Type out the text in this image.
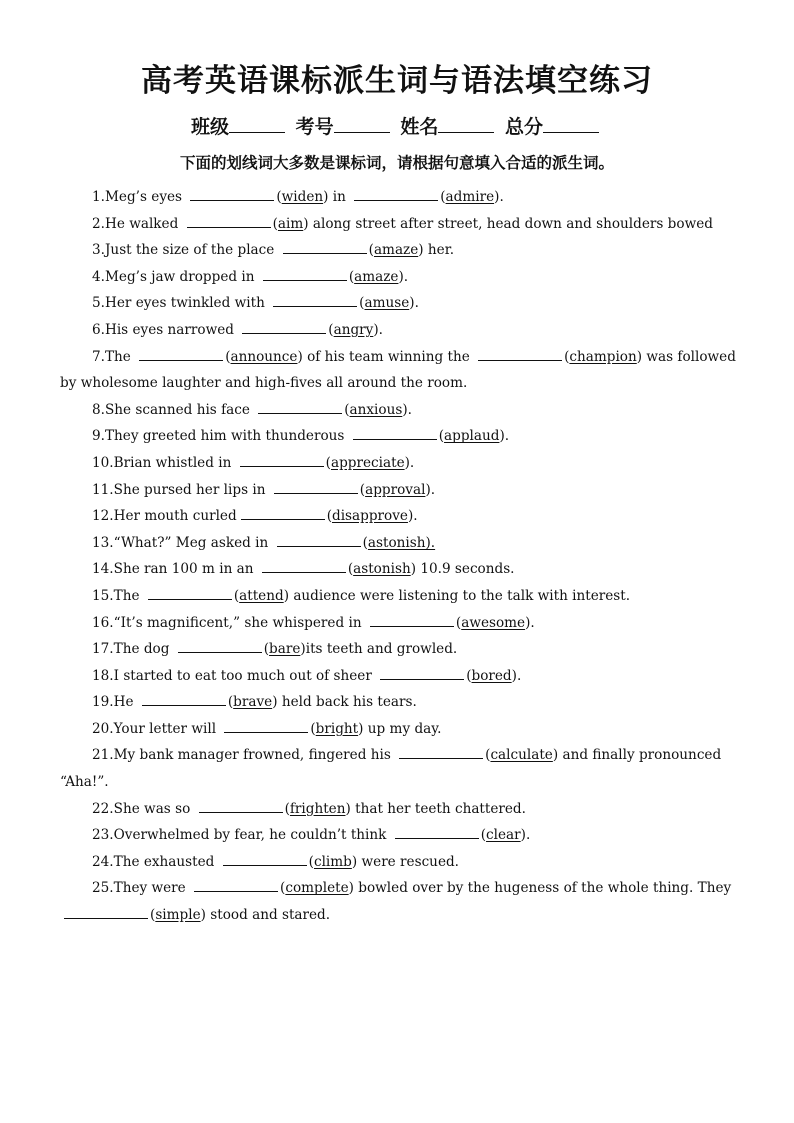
高考英语课标派生词与语法填空练习
班级	考号	姓名	总分
下面的划线词大多数是课标词，请根据句意填入合适的派生词。

1.Meg’s eyes	(widen) in	(admire).

2.He walked	(aim) along street after street, head down and shoulders bowed

3.Just the size of the place	(amaze) her.

4.Meg’s jaw dropped in	(amaze).

5.Her eyes twinkled with	(amuse).

6.His eyes narrowed	(angry).

7.The	(announce) of his team winning the	(champion) was followed by wholesome laughter and high-fives all around the room.

8.She scanned his face	(anxious).

9.They greeted him with thunderous	(applaud).

10.Brian whistled in	(appreciate).

11.She pursed her lips in	(approval).

12.Her mouth curled	(disapprove).

13.“What?” Meg asked in	(astonish).

14.She ran 100 m in an	(astonish) 10.9 seconds.

15.The	(attend) audience were listening to the talk with interest.

16.“It’s magnificent,” she whispered in	(awesome).

17.The dog	(bare)its teeth and growled.

18.I started to eat too much out of sheer	(bored).

19.He	(brave) held back his tears.

20.Your letter will	(bright) up my day.

21.My bank manager frowned, fingered his	(calculate) and finally pronounced “Aha!”.

22.She was so	(frighten) that her teeth chattered.

23.Overwhelmed by fear, he couldn’t think	(clear).

24.The exhausted	(climb) were rescued.

25.They were	(complete) bowled over by the hugeness of the whole thing. They (simple) stood and stared.
